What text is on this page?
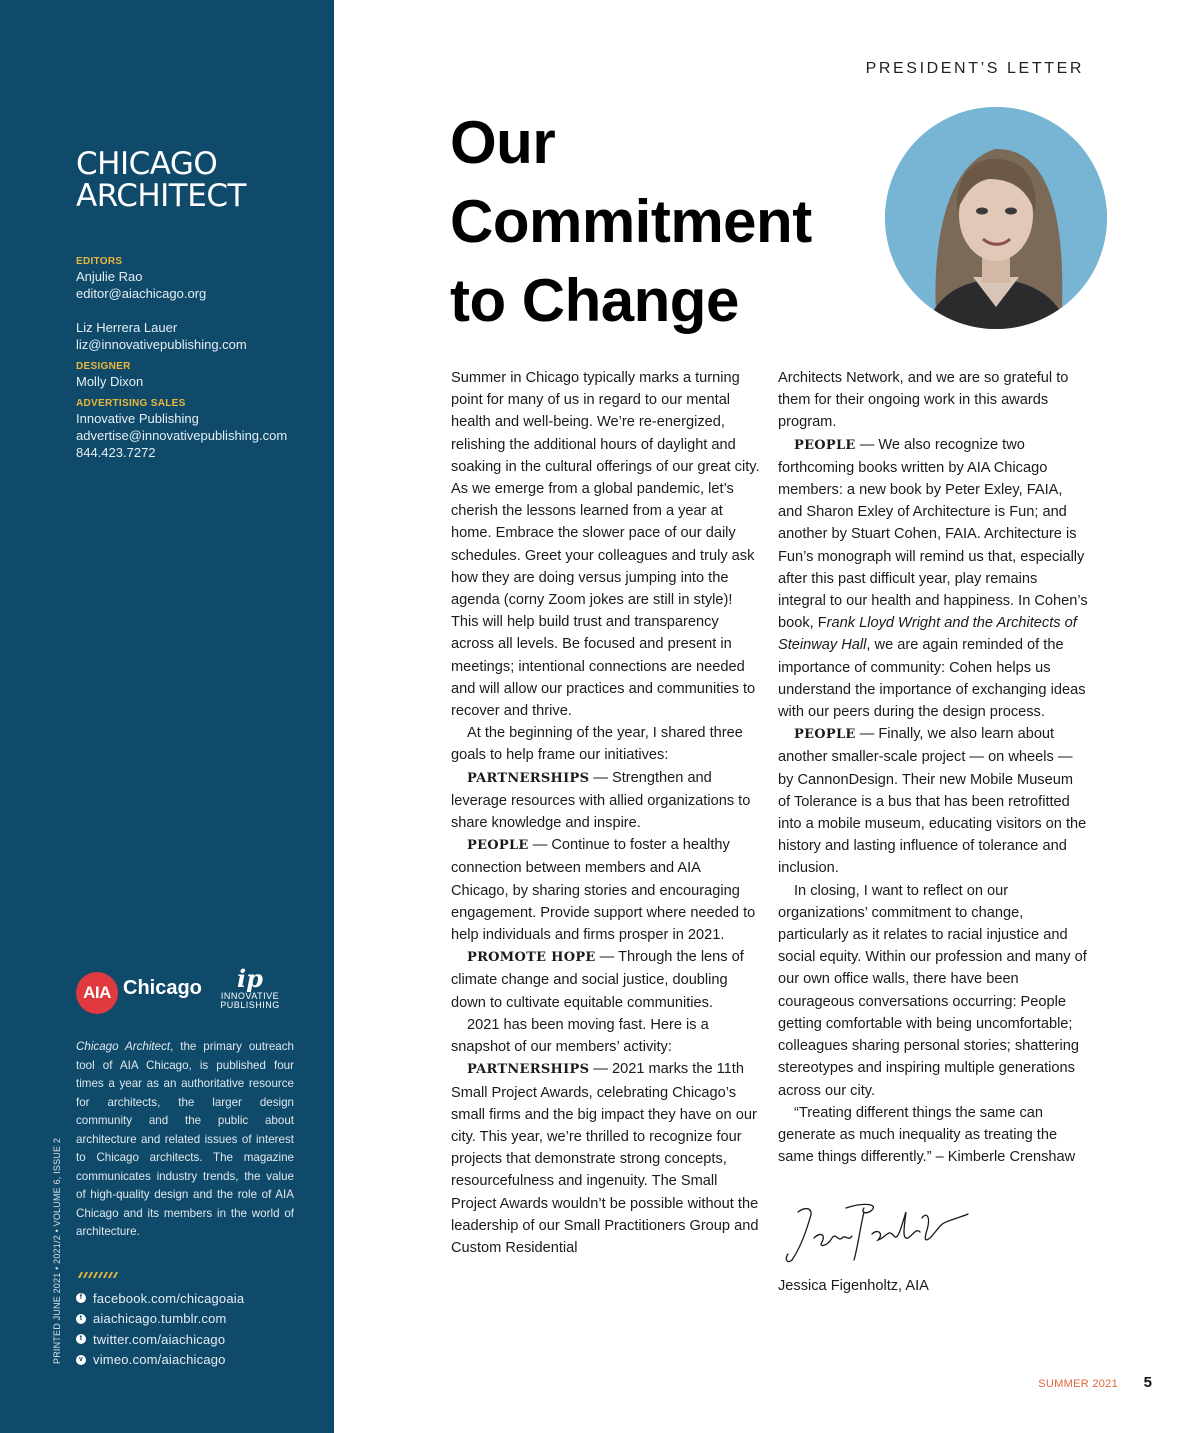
CHICAGO
ARCHITECT
EDITORS
Anjulie Rao
editor@aiachicago.org
Liz Herrera Lauer
liz@innovativepublishing.com
DESIGNER
Molly Dixon
ADVERTISING SALES
Innovative Publishing
advertise@innovativepublishing.com
844.423.7272
AIA Chicago	ip
INNOVATIVE
PUBLISHING
Chicago Architect, the primary outreach tool of AIA Chicago, is published four times a year as an authoritative resource for architects, the larger design community and the public about architecture and related issues of interest to Chicago architects. The magazine communicates industry trends, the value of high-quality design and the role of AIA Chicago and its members in the world of architecture.
PRINTED JUNE 2021 • 2021/2 • VOLUME 6, ISSUE 2	f facebook.com/chicagoaia
t aiachicago.tumblr.com
t twitter.com/aiachicago
v vimeo.com/aiachicago
PRESIDENT’S LETTER
Our
Commitment
to Change

Summer in Chicago typically marks a turning point for many of us in regard to our mental health and well-being. We’re re-energized, relishing the additional hours of daylight and soaking in the cultural offerings of our great city. As we emerge from a global pandemic, let’s cherish the lessons learned from a year at home. Embrace the slower pace of our daily schedules. Greet your colleagues and truly ask how they are doing versus jumping into the agenda (corny Zoom jokes are still in style)! This will help build trust and transparency across all levels. Be focused and present in meetings; intentional connections are needed and will allow our practices and communities to recover and thrive.

At the beginning of the year, I shared three goals to help frame our initiatives:

PARTNERSHIPS — Strengthen and leverage resources with allied organizations to share knowledge and inspire.

PEOPLE — Continue to foster a healthy connection between members and AIA Chicago, by sharing stories and encouraging engagement. Provide support where needed to help individuals and firms prosper in 2021.

PROMOTE HOPE — Through the lens of climate change and social justice, doubling down to cultivate equitable communities.

2021 has been moving fast. Here is a snapshot of our members’ activity:

PARTNERSHIPS — 2021 marks the 11th Small Project Awards, celebrating Chicago’s small firms and the big impact they have on our city. This year, we’re thrilled to recognize four projects that demonstrate strong concepts, resourcefulness and ingenuity. The Small Project Awards wouldn’t be possible without the leadership of our Small Practitioners Group and Custom Residential

Architects Network, and we are so grateful to them for their ongoing work in this awards program.

PEOPLE — We also recognize two forthcoming books written by AIA Chicago members: a new book by Peter Exley, FAIA, and Sharon Exley of Architecture is Fun; and another by Stuart Cohen, FAIA. Architecture is Fun’s monograph will remind us that, especially after this past difficult year, play remains integral to our health and happiness. In Cohen’s book, Frank Lloyd Wright and the Architects of Steinway Hall, we are again reminded of the importance of community: Cohen helps us understand the importance of exchanging ideas with our peers during the design process.

PEOPLE — Finally, we also learn about another smaller-scale project — on wheels — by CannonDesign. Their new Mobile Museum of Tolerance is a bus that has been retrofitted into a mobile museum, educating visitors on the history and lasting influence of tolerance and inclusion.

In closing, I want to reflect on our organizations’ commitment to change, particularly as it relates to racial injustice and social equity. Within our profession and many of our own office walls, there have been courageous conversations occurring: People getting comfortable with being uncomfortable; colleagues sharing personal stories; shattering stereotypes and inspiring multiple generations across our city.

“Treating different things the same can generate as much inequality as treating the same things differently.” – Kimberle Crenshaw

Jessica Figenholtz, AIA
SUMMER 2021 5
